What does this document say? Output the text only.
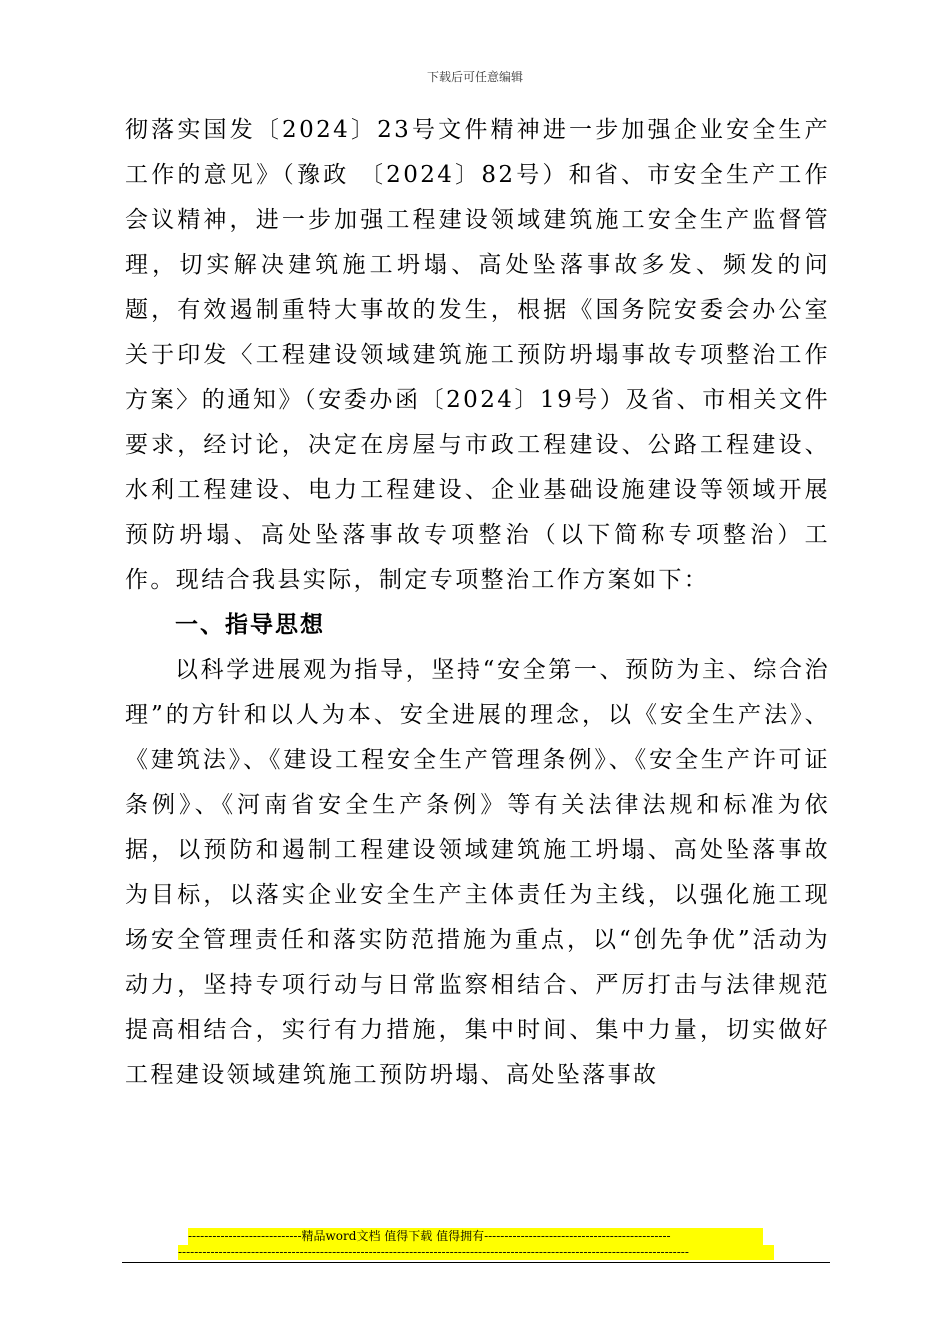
下载后可任意编辑

彻落实国发〔2024〕23号文件精神进一步加强企业安全生产工作的意见》（豫政 〔2024〕82号）和省、市安全生产工作会议精神，进一步加强工程建设领域建筑施工安全生产监督管理，切实解决建筑施工坍塌、高处坠落事故多发、频发的问题，有效遏制重特大事故的发生，根据《国务院安委会办公室关于印发〈工程建设领域建筑施工预防坍塌事故专项整治工作方案〉的通知》（安委办函〔2024〕19号）及省、市相关文件要求，经讨论，决定在房屋与市政工程建设、公路工程建设、水利工程建设、电力工程建设、企业基础设施建设等领域开展预防坍塌、高处坠落事故专项整治（以下简称专项整治）工作。现结合我县实际，制定专项整治工作方案如下：

一、指导思想

以科学进展观为指导，坚持“安全第一、预防为主、综合治理”的方针和以人为本、安全进展的理念，以《安全生产法》、《建筑法》、《建设工程安全生产管理条例》、《安全生产许可证条例》、《河南省安全生产条例》等有关法律法规和标准为依据，以预防和遏制工程建设领域建筑施工坍塌、高处坠落事故为目标，以落实企业安全生产主体责任为主线，以强化施工现场安全管理责任和落实防范措施为重点，以“创先争优”活动为动力，坚持专项行动与日常监察相结合、严厉打击与法律规范提高相结合，实行有力措施，集中时间、集中力量，切实做好工程建设领域建筑施工预防坍塌、高处坠落事故

----------------------------精品word文档 值得下载 值得拥有----------------------------------------------
------------------------------------------------------------------------------------------------------------------------------
